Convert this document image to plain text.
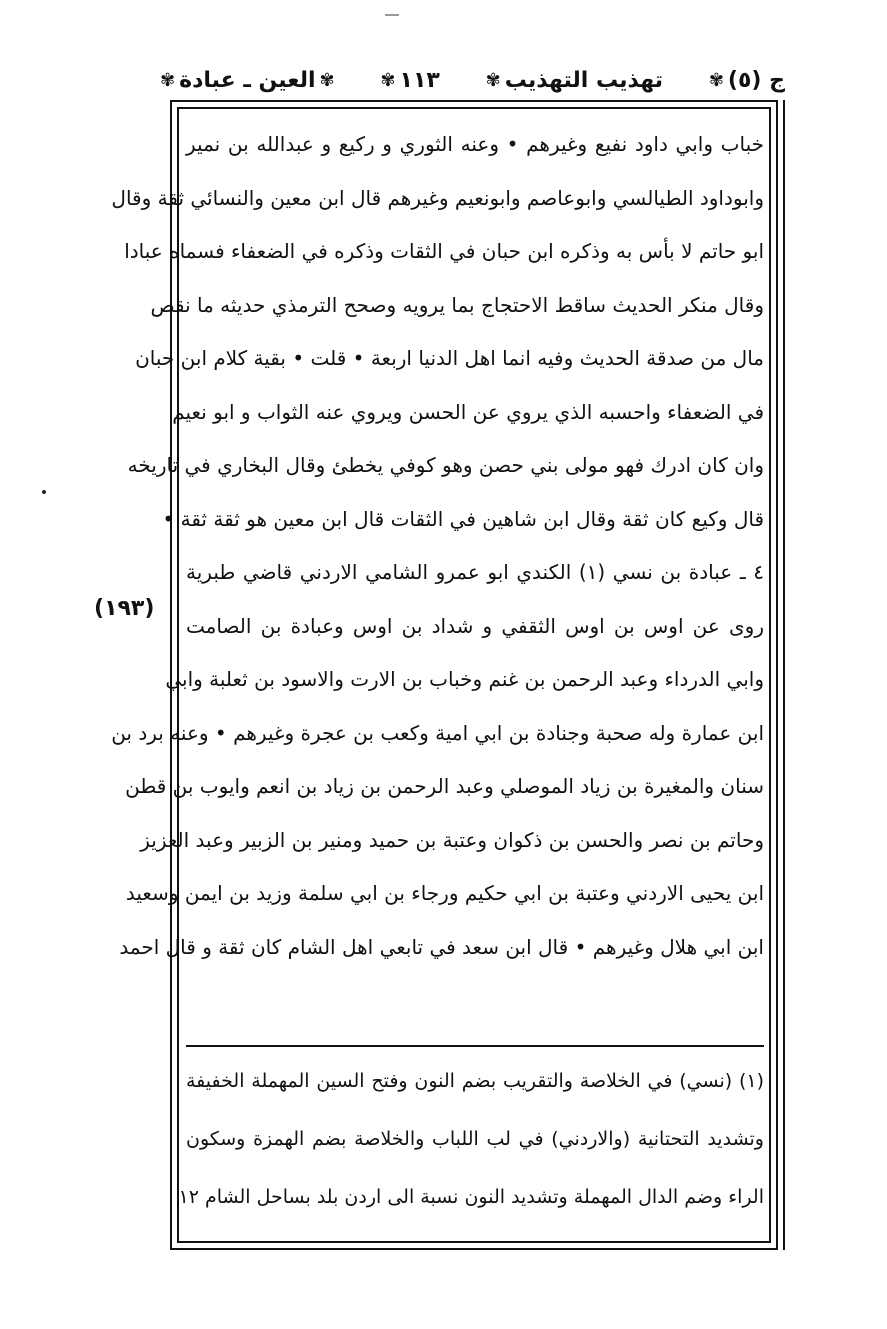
ج (٥)
✾
تهذيب التهذيب
✾
١١٣
✾
✾
العين ـ عبادة
✾
(١٩٣)
خباب وابي داود نفيع وغيرهم • وعنه الثوري و ركيع و عبدالله بن نمير
وابوداود الطيالسي وابوعاصم وابونعيم وغيرهم قال ابن معين والنسائي ثقة وقال
ابو حاتم لا بأس به وذكره ابن حبان في الثقات وذكره في الضعفاء فسماه عبادا
وقال منكر الحديث ساقط الاحتجاج بما يرويه وصحح الترمذي حديثه ما نقص
مال من صدقة الحديث وفيه انما اهل الدنيا اربعة • قلت • بقية كلام ابن حبان
في الضعفاء واحسبه الذي يروي عن الحسن ويروي عنه الثواب و ابو نعيم
وان كان ادرك فهو مولى بني حصن وهو كوفي يخطئ وقال البخاري في تاريخه
قال وكيع كان ثقة وقال ابن شاهين في الثقات قال ابن معين هو ثقة ثقة •
٤ ـ عبادة بن نسي (١) الكندي ابو عمرو الشامي الاردني قاضي طبرية
روى عن اوس بن اوس الثقفي و شداد بن اوس وعبادة بن الصامت
وابي الدرداء وعبد الرحمن بن غنم وخباب بن الارت والاسود بن ثعلبة وابي
ابن عمارة وله صحبة وجنادة بن ابي امية وكعب بن عجرة وغيرهم • وعنه برد بن
سنان والمغيرة بن زياد الموصلي وعبد الرحمن بن زياد بن انعم وايوب بن قطن
وحاتم بن نصر والحسن بن ذكوان وعتبة بن حميد ومنير بن الزبير وعبد العزيز
ابن يحيى الاردني وعتبة بن ابي حكيم ورجاء بن ابي سلمة وزيد بن ايمن وسعيد
ابن ابي هلال وغيرهم • قال ابن سعد في تابعي اهل الشام كان ثقة و قال احمد
(١) (نسي) في الخلاصة والتقريب بضم النون وفتح السين المهملة الخفيفة
وتشديد التحتانية (والاردني) في لب اللباب والخلاصة بضم الهمزة وسكون
الراء وضم الدال المهملة وتشديد النون نسبة الى اردن بلد بساحل الشام ١٢
